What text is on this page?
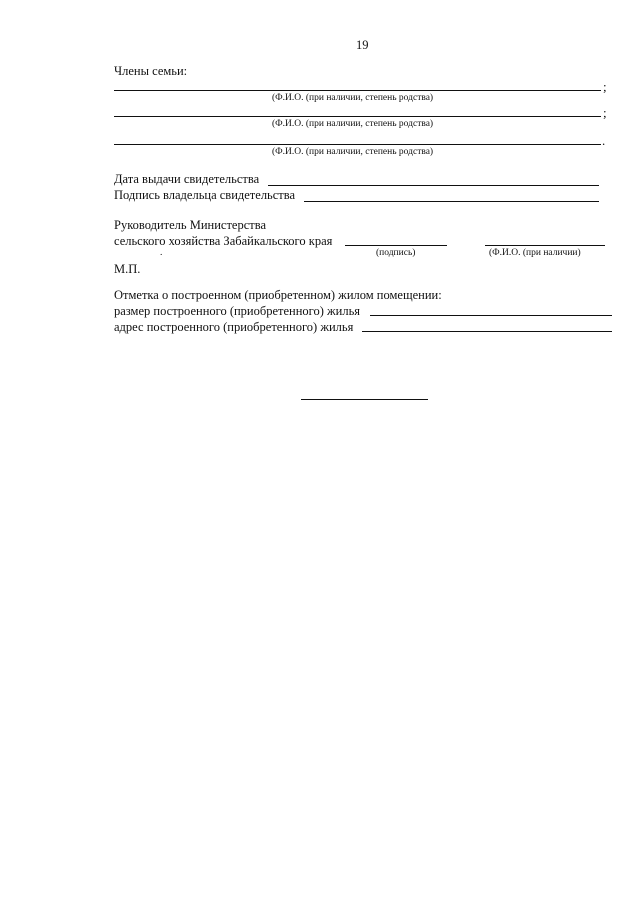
19
Члены семьи:
;
(Ф.И.О. (при наличии, степень родства)
;
(Ф.И.О. (при наличии, степень родства)
.
(Ф.И.О. (при наличии, степень родства)
Дата выдачи свидетельства
Подпись владельца свидетельства
Руководитель Министерства
сельского хозяйства Забайкальского края
.	(подпись)	(Ф.И.О. (при наличии)
М.П.
Отметка о построенном (приобретенном) жилом помещении:
размер построенного (приобретенного) жилья
адрес построенного (приобретенного) жилья
